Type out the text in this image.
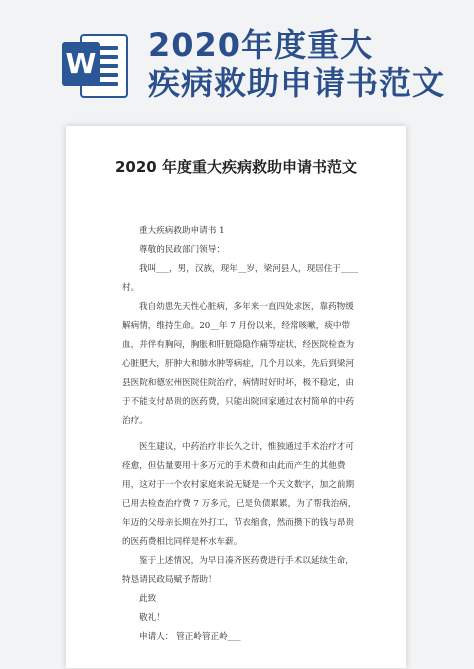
W 2020年度重大
疾病救助申请书范文
2020 年度重大疾病救助申请书范文

重大疾病救助申请书 1

尊敬的民政部门领导：

我叫___，男，汉族，现年__岁，梁河县人，现居住于____村。

我自幼患先天性心脏病，多年来一直四处求医，靠药物缓解病情，维持生命。20__年 7 月份以来，经常咳嗽，痰中带血，并伴有胸闷，胸胀和肝脏隐隐作痛等症状，经医院检查为心脏肥大，肝肿大和肺水肿等病症，几个月以来，先后到梁河县医院和德宏州医院住院治疗，病情时好时坏，极不稳定，由于不能支付昂贵的医药费，只能出院回家通过农村简单的中药治疗。

医生建议，中药治疗非长久之计，惟独通过手术治疗才可痊愈，但估量要用十多万元的手术费和由此而产生的其他费用，这对于一个农村家庭来说无疑是一个天文数字，加之前期已用去检查治疗费 7 万多元，已是负债累累，为了帮我治病，年迈的父母亲长期在外打工，节衣缩食，然而攒下的钱与昂贵的医药费相比同样是杯水车薪。

鉴于上述情况，为早日凑齐医药费进行手术以延续生命，特恳请民政局赋予帮助！

此致

敬礼！

申请人： 管正岭管正岭___
